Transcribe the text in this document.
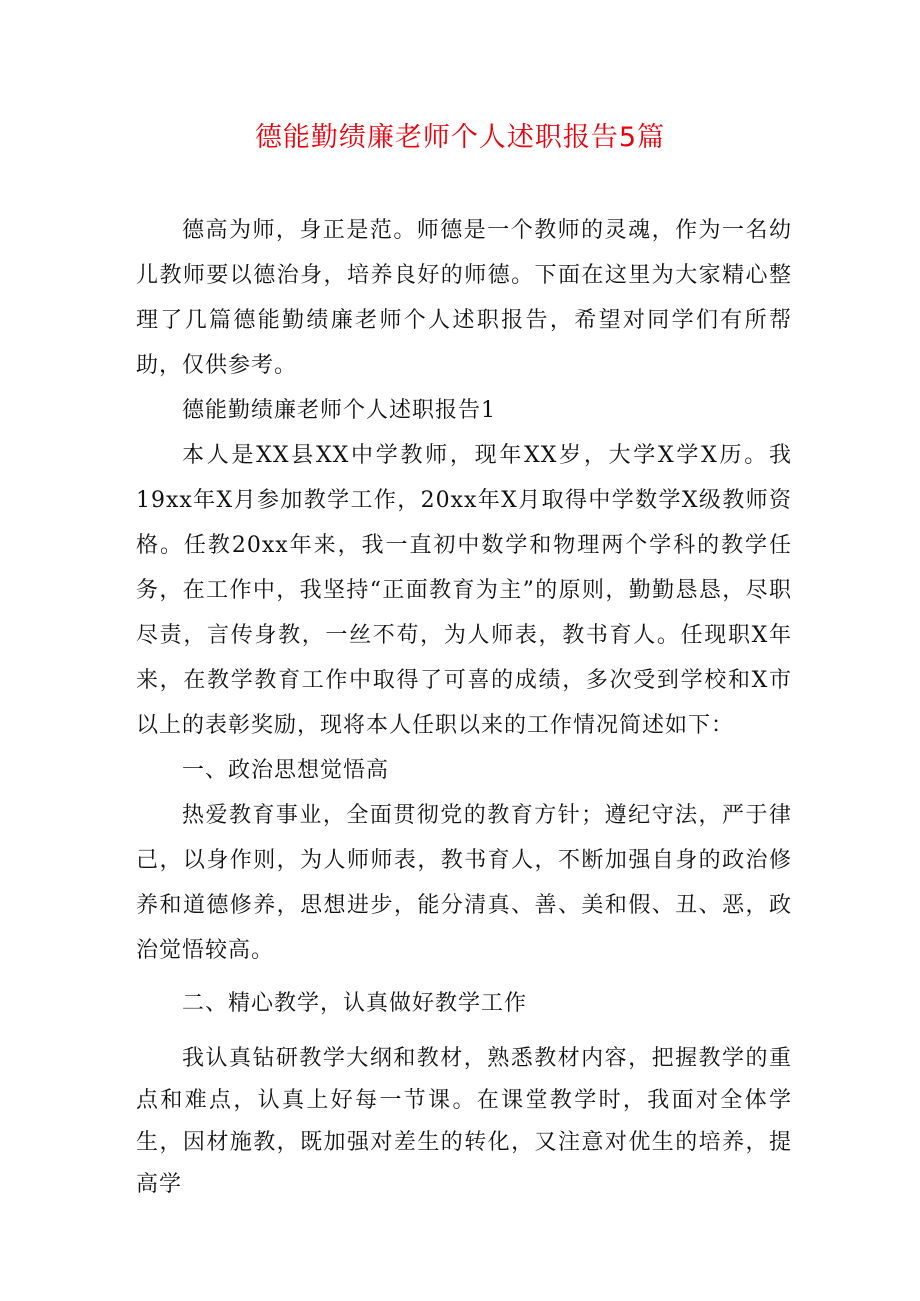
德能勤绩廉老师个人述职报告5篇

德高为师，身正是范。师德是一个教师的灵魂，作为一名幼儿教师要以德治身，培养良好的师德。下面在这里为大家精心整理了几篇德能勤绩廉老师个人述职报告，希望对同学们有所帮助，仅供参考。

德能勤绩廉老师个人述职报告1

本人是XX县XX中学教师，现年XX岁，大学X学X历。我19xx年X月参加教学工作，20xx年X月取得中学数学X级教师资格。任教20xx年来，我一直初中数学和物理两个学科的教学任务，在工作中，我坚持“正面教育为主”的原则，勤勤恳恳，尽职尽责，言传身教，一丝不苟，为人师表，教书育人。任现职X年来，在教学教育工作中取得了可喜的成绩，多次受到学校和X市以上的表彰奖励，现将本人任职以来的工作情况简述如下：

一、政治思想觉悟高

热爱教育事业，全面贯彻党的教育方针；遵纪守法，严于律己，以身作则，为人师师表，教书育人，不断加强自身的政治修养和道德修养，思想进步，能分清真、善、美和假、丑、恶，政治觉悟较高。

二、精心教学，认真做好教学工作

我认真钻研教学大纲和教材，熟悉教材内容，把握教学的重点和难点，认真上好每一节课。在课堂教学时，我面对全体学生，因材施教，既加强对差生的转化，又注意对优生的培养，提高学
